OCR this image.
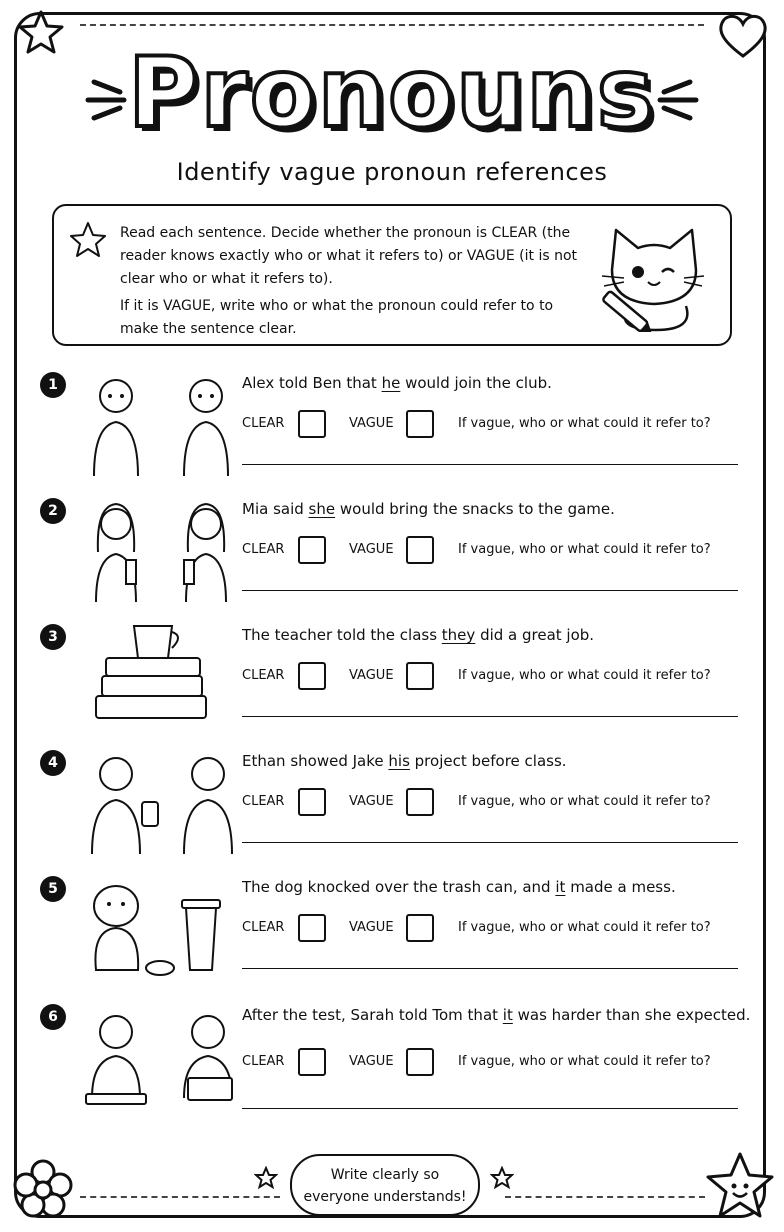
Pronouns
Identify vague pronoun references

Read each sentence. Decide whether the pronoun is CLEAR (the reader knows exactly who or what it refers to) or VAGUE (it is not clear who or what it refers to).

If it is VAGUE, write who or what the pronoun could refer to to make the sentence clear.

1	Alex told Ben that he would join the club.
CLEAR	VAGUE	If vague, who or what could it refer to?
2	Mia said she would bring the snacks to the game.
CLEAR	VAGUE	If vague, who or what could it refer to?
3	The teacher told the class they did a great job.
CLEAR	VAGUE	If vague, who or what could it refer to?
4	Ethan showed Jake his project before class.
CLEAR	VAGUE	If vague, who or what could it refer to?
5	The dog knocked over the trash can, and it made a mess.
CLEAR	VAGUE	If vague, who or what could it refer to?
6	After the test, Sarah told Tom that it was harder than she expected.
CLEAR	VAGUE	If vague, who or what could it refer to?
Write clearly so
everyone understands!
